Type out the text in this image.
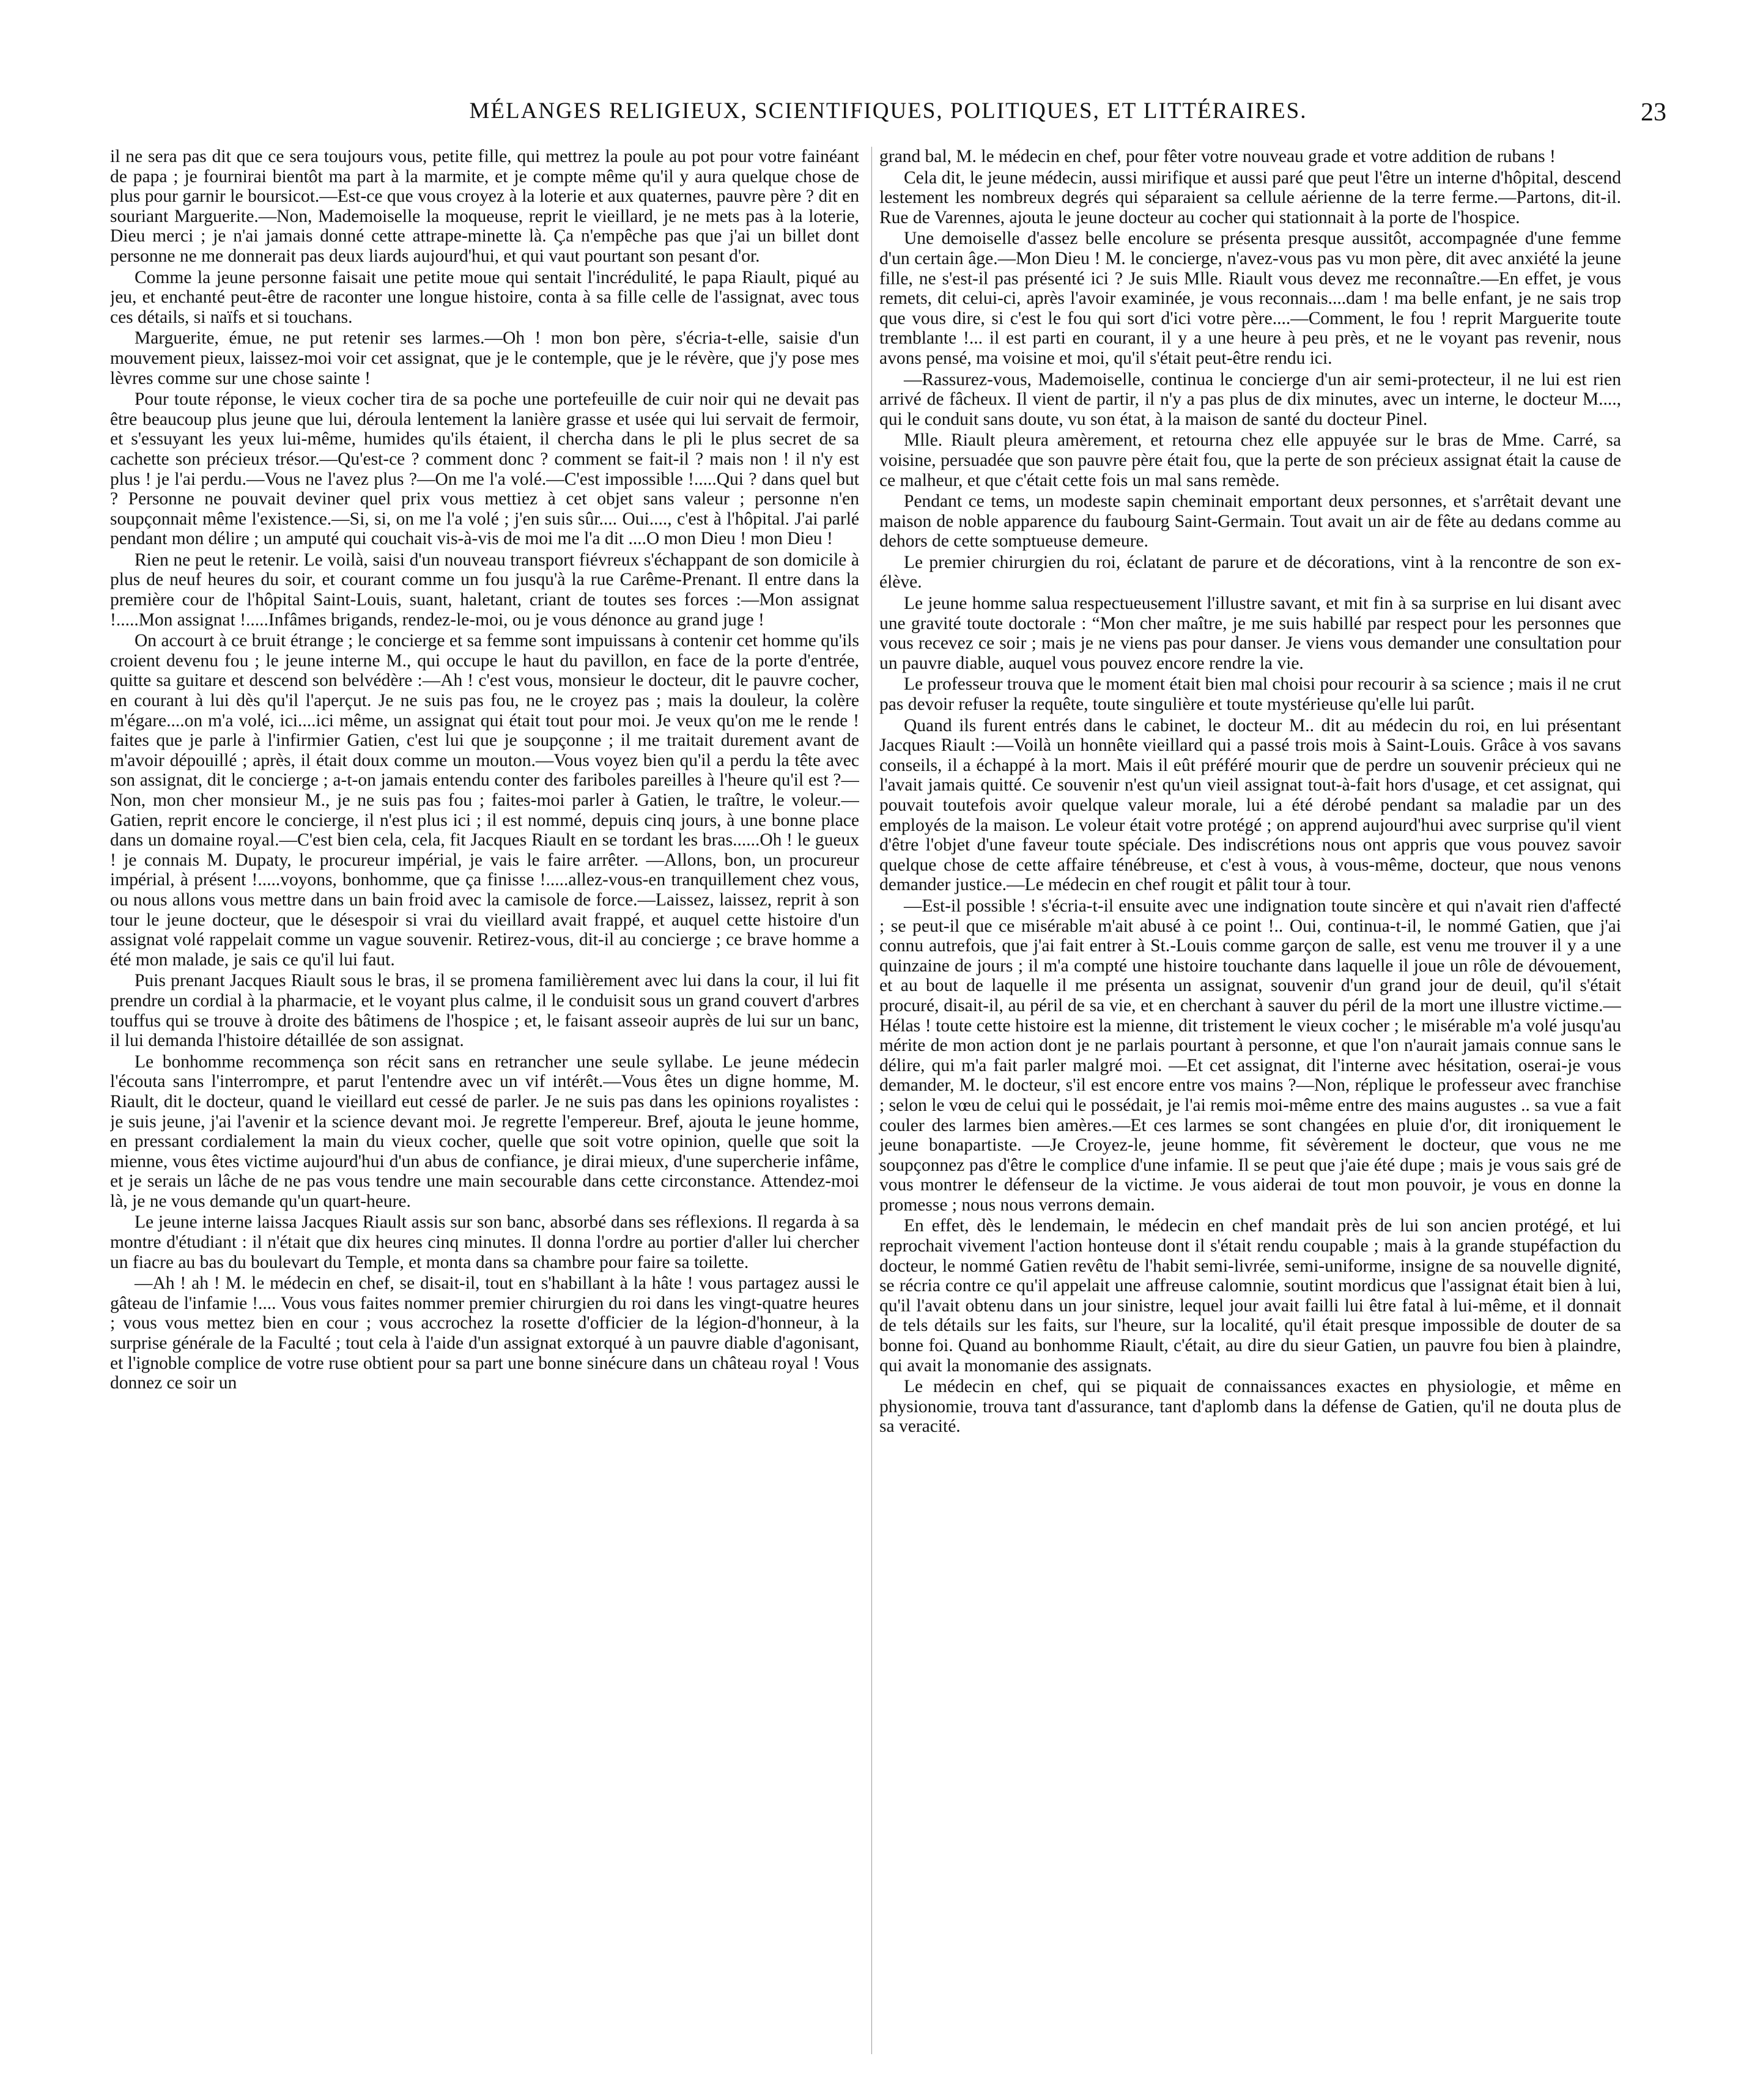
MÉLANGES RELIGIEUX, SCIENTIFIQUES, POLITIQUES, ET LITTÉRAIRES.	23

il ne sera pas dit que ce sera toujours vous, petite fille, qui mettrez la poule au pot pour votre fainéant de papa ; je fournirai bientôt ma part à la marmite, et je compte même qu'il y aura quelque chose de plus pour garnir le boursicot.—Est-ce que vous croyez à la loterie et aux quaternes, pauvre père ? dit en souriant Marguerite.—Non, Mademoiselle la moqueuse, reprit le vieillard, je ne mets pas à la loterie, Dieu merci ; je n'ai jamais donné cette attrape-minette là. Ça n'empêche pas que j'ai un billet dont personne ne me donnerait pas deux liards aujourd'hui, et qui vaut pourtant son pesant d'or.

Comme la jeune personne faisait une petite moue qui sentait l'incrédulité, le papa Riault, piqué au jeu, et enchanté peut-être de raconter une longue histoire, conta à sa fille celle de l'assignat, avec tous ces détails, si naïfs et si touchans.

Marguerite, émue, ne put retenir ses larmes.—Oh ! mon bon père, s'écria-t-elle, saisie d'un mouvement pieux, laissez-moi voir cet assignat, que je le contemple, que je le révère, que j'y pose mes lèvres comme sur une chose sainte !

Pour toute réponse, le vieux cocher tira de sa poche une portefeuille de cuir noir qui ne devait pas être beaucoup plus jeune que lui, déroula lentement la lanière grasse et usée qui lui servait de fermoir, et s'essuyant les yeux lui-même, humides qu'ils étaient, il chercha dans le pli le plus secret de sa cachette son précieux trésor.—Qu'est-ce ? comment donc ? comment se fait-il ? mais non ! il n'y est plus ! je l'ai perdu.—Vous ne l'avez plus ?—On me l'a volé.—C'est impossible !.....Qui ? dans quel but ? Personne ne pouvait deviner quel prix vous mettiez à cet objet sans valeur ; personne n'en soupçonnait même l'existence.—Si, si, on me l'a volé ; j'en suis sûr.... Oui...., c'est à l'hôpital. J'ai parlé pendant mon délire ; un amputé qui couchait vis-à-vis de moi me l'a dit ....O mon Dieu ! mon Dieu !

Rien ne peut le retenir. Le voilà, saisi d'un nouveau transport fiévreux s'échappant de son domicile à plus de neuf heures du soir, et courant comme un fou jusqu'à la rue Carême-Prenant. Il entre dans la première cour de l'hôpital Saint-Louis, suant, haletant, criant de toutes ses forces :—Mon assignat !.....Mon assignat !.....Infâmes brigands, rendez-le-moi, ou je vous dénonce au grand juge !

On accourt à ce bruit étrange ; le concierge et sa femme sont impuissans à contenir cet homme qu'ils croient devenu fou ; le jeune interne M., qui occupe le haut du pavillon, en face de la porte d'entrée, quitte sa guitare et descend son belvédère :—Ah ! c'est vous, monsieur le docteur, dit le pauvre cocher, en courant à lui dès qu'il l'aperçut. Je ne suis pas fou, ne le croyez pas ; mais la douleur, la colère m'égare....on m'a volé, ici....ici même, un assignat qui était tout pour moi. Je veux qu'on me le rende ! faites que je parle à l'infirmier Gatien, c'est lui que je soupçonne ; il me traitait durement avant de m'avoir dépouillé ; après, il était doux comme un mouton.—Vous voyez bien qu'il a perdu la tête avec son assignat, dit le concierge ; a-t-on jamais entendu conter des fariboles pareilles à l'heure qu'il est ?—Non, mon cher monsieur M., je ne suis pas fou ; faites-moi parler à Gatien, le traître, le voleur.—Gatien, reprit encore le concierge, il n'est plus ici ; il est nommé, depuis cinq jours, à une bonne place dans un domaine royal.—C'est bien cela, cela, fit Jacques Riault en se tordant les bras......Oh ! le gueux ! je connais M. Dupaty, le procureur impérial, je vais le faire arrêter. —Allons, bon, un procureur impérial, à présent !.....voyons, bonhomme, que ça finisse !.....allez-vous-en tranquillement chez vous, ou nous allons vous mettre dans un bain froid avec la camisole de force.—Laissez, laissez, reprit à son tour le jeune docteur, que le désespoir si vrai du vieillard avait frappé, et auquel cette histoire d'un assignat volé rappelait comme un vague souvenir. Retirez-vous, dit-il au concierge ; ce brave homme a été mon malade, je sais ce qu'il lui faut.

Puis prenant Jacques Riault sous le bras, il se promena familièrement avec lui dans la cour, il lui fit prendre un cordial à la pharmacie, et le voyant plus calme, il le conduisit sous un grand couvert d'arbres touffus qui se trouve à droite des bâtimens de l'hospice ; et, le faisant asseoir auprès de lui sur un banc, il lui demanda l'histoire détaillée de son assignat.

Le bonhomme recommença son récit sans en retrancher une seule syllabe. Le jeune médecin l'écouta sans l'interrompre, et parut l'entendre avec un vif intérêt.—Vous êtes un digne homme, M. Riault, dit le docteur, quand le vieillard eut cessé de parler. Je ne suis pas dans les opinions royalistes : je suis jeune, j'ai l'avenir et la science devant moi. Je regrette l'empereur. Bref, ajouta le jeune homme, en pressant cordialement la main du vieux cocher, quelle que soit votre opinion, quelle que soit la mienne, vous êtes victime aujourd'hui d'un abus de confiance, je dirai mieux, d'une supercherie infâme, et je serais un lâche de ne pas vous tendre une main secourable dans cette circonstance. Attendez-moi là, je ne vous demande qu'un quart-heure.

Le jeune interne laissa Jacques Riault assis sur son banc, absorbé dans ses réflexions. Il regarda à sa montre d'étudiant : il n'était que dix heures cinq minutes. Il donna l'ordre au portier d'aller lui chercher un fiacre au bas du boulevart du Temple, et monta dans sa chambre pour faire sa toilette.

—Ah ! ah ! M. le médecin en chef, se disait-il, tout en s'habillant à la hâte ! vous partagez aussi le gâteau de l'infamie !.... Vous vous faites nommer premier chirurgien du roi dans les vingt-quatre heures ; vous vous mettez bien en cour ; vous accrochez la rosette d'officier de la légion-d'honneur, à la surprise générale de la Faculté ; tout cela à l'aide d'un assignat extorqué à un pauvre diable d'agonisant, et l'ignoble complice de votre ruse obtient pour sa part une bonne sinécure dans un château royal ! Vous donnez ce soir un

grand bal, M. le médecin en chef, pour fêter votre nouveau grade et votre addition de rubans !

Cela dit, le jeune médecin, aussi mirifique et aussi paré que peut l'être un interne d'hôpital, descend lestement les nombreux degrés qui séparaient sa cellule aérienne de la terre ferme.—Partons, dit-il. Rue de Varennes, ajouta le jeune docteur au cocher qui stationnait à la porte de l'hospice.

Une demoiselle d'assez belle encolure se présenta presque aussitôt, accompagnée d'une femme d'un certain âge.—Mon Dieu ! M. le concierge, n'avez-vous pas vu mon père, dit avec anxiété la jeune fille, ne s'est-il pas présenté ici ? Je suis Mlle. Riault vous devez me reconnaître.—En effet, je vous remets, dit celui-ci, après l'avoir examinée, je vous reconnais....dam ! ma belle enfant, je ne sais trop que vous dire, si c'est le fou qui sort d'ici votre père....—Comment, le fou ! reprit Marguerite toute tremblante !... il est parti en courant, il y a une heure à peu près, et ne le voyant pas revenir, nous avons pensé, ma voisine et moi, qu'il s'était peut-être rendu ici.

—Rassurez-vous, Mademoiselle, continua le concierge d'un air semi-protecteur, il ne lui est rien arrivé de fâcheux. Il vient de partir, il n'y a pas plus de dix minutes, avec un interne, le docteur M...., qui le conduit sans doute, vu son état, à la maison de santé du docteur Pinel.

Mlle. Riault pleura amèrement, et retourna chez elle appuyée sur le bras de Mme. Carré, sa voisine, persuadée que son pauvre père était fou, que la perte de son précieux assignat était la cause de ce malheur, et que c'était cette fois un mal sans remède.

Pendant ce tems, un modeste sapin cheminait emportant deux personnes, et s'arrêtait devant une maison de noble apparence du faubourg Saint-Germain. Tout avait un air de fête au dedans comme au dehors de cette somptueuse demeure.

Le premier chirurgien du roi, éclatant de parure et de décorations, vint à la rencontre de son ex-élève.

Le jeune homme salua respectueusement l'illustre savant, et mit fin à sa surprise en lui disant avec une gravité toute doctorale : “Mon cher maître, je me suis habillé par respect pour les personnes que vous recevez ce soir ; mais je ne viens pas pour danser. Je viens vous demander une consultation pour un pauvre diable, auquel vous pouvez encore rendre la vie.

Le professeur trouva que le moment était bien mal choisi pour recourir à sa science ; mais il ne crut pas devoir refuser la requête, toute singulière et toute mystérieuse qu'elle lui parût.

Quand ils furent entrés dans le cabinet, le docteur M.. dit au médecin du roi, en lui présentant Jacques Riault :—Voilà un honnête vieillard qui a passé trois mois à Saint-Louis. Grâce à vos savans conseils, il a échappé à la mort. Mais il eût préféré mourir que de perdre un souvenir précieux qui ne l'avait jamais quitté. Ce souvenir n'est qu'un vieil assignat tout-à-fait hors d'usage, et cet assignat, qui pouvait toutefois avoir quelque valeur morale, lui a été dérobé pendant sa maladie par un des employés de la maison. Le voleur était votre protégé ; on apprend aujourd'hui avec surprise qu'il vient d'être l'objet d'une faveur toute spéciale. Des indiscrétions nous ont appris que vous pouvez savoir quelque chose de cette affaire ténébreuse, et c'est à vous, à vous-même, docteur, que nous venons demander justice.—Le médecin en chef rougit et pâlit tour à tour.

—Est-il possible ! s'écria-t-il ensuite avec une indignation toute sincère et qui n'avait rien d'affecté ; se peut-il que ce misérable m'ait abusé à ce point !.. Oui, continua-t-il, le nommé Gatien, que j'ai connu autrefois, que j'ai fait entrer à St.-Louis comme garçon de salle, est venu me trouver il y a une quinzaine de jours ; il m'a compté une histoire touchante dans laquelle il joue un rôle de dévouement, et au bout de laquelle il me présenta un assignat, souvenir d'un grand jour de deuil, qu'il s'était procuré, disait-il, au péril de sa vie, et en cherchant à sauver du péril de la mort une illustre victime.—Hélas ! toute cette histoire est la mienne, dit tristement le vieux cocher ; le misérable m'a volé jusqu'au mérite de mon action dont je ne parlais pourtant à personne, et que l'on n'aurait jamais connue sans le délire, qui m'a fait parler malgré moi. —Et cet assignat, dit l'interne avec hésitation, oserai-je vous demander, M. le docteur, s'il est encore entre vos mains ?—Non, réplique le professeur avec franchise ; selon le vœu de celui qui le possédait, je l'ai remis moi-même entre des mains augustes .. sa vue a fait couler des larmes bien amères.—Et ces larmes se sont changées en pluie d'or, dit ironiquement le jeune bonapartiste. —Je Croyez-le, jeune homme, fit sévèrement le docteur, que vous ne me soupçonnez pas d'être le complice d'une infamie. Il se peut que j'aie été dupe ; mais je vous sais gré de vous montrer le défenseur de la victime. Je vous aiderai de tout mon pouvoir, je vous en donne la promesse ; nous nous verrons demain.

En effet, dès le lendemain, le médecin en chef mandait près de lui son ancien protégé, et lui reprochait vivement l'action honteuse dont il s'était rendu coupable ; mais à la grande stupéfaction du docteur, le nommé Gatien revêtu de l'habit semi-livrée, semi-uniforme, insigne de sa nouvelle dignité, se récria contre ce qu'il appelait une affreuse calomnie, soutint mordicus que l'assignat était bien à lui, qu'il l'avait obtenu dans un jour sinistre, lequel jour avait failli lui être fatal à lui-même, et il donnait de tels détails sur les faits, sur l'heure, sur la localité, qu'il était presque impossible de douter de sa bonne foi. Quand au bonhomme Riault, c'était, au dire du sieur Gatien, un pauvre fou bien à plaindre, qui avait la monomanie des assignats.

Le médecin en chef, qui se piquait de connaissances exactes en physiologie, et même en physionomie, trouva tant d'assurance, tant d'aplomb dans la défense de Gatien, qu'il ne douta plus de sa veracité.
